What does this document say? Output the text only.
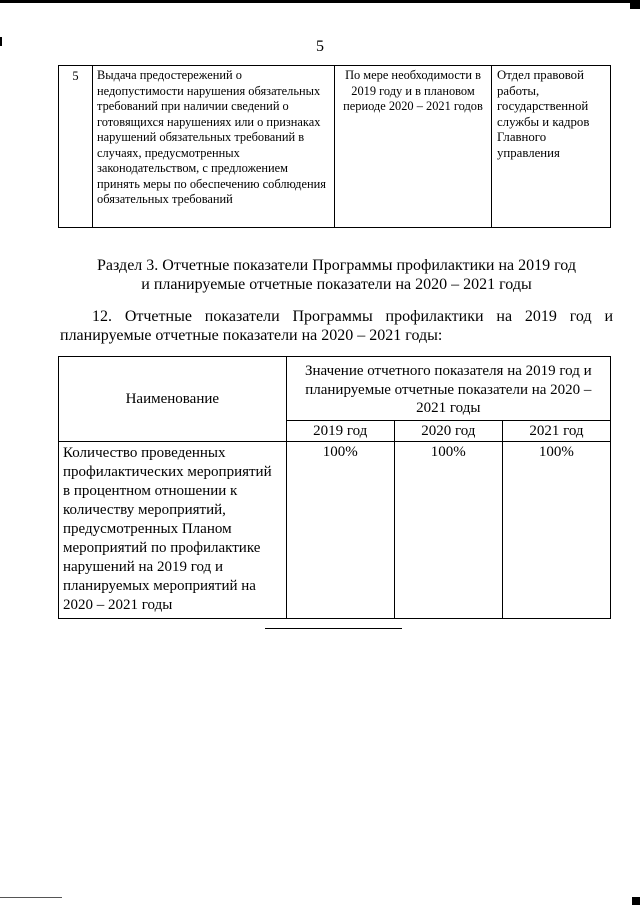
5
5	Выдача предостережений о недопустимости нарушения обязательных требований при наличии сведений о готовящихся нарушениях или о признаках нарушений обязательных требований в случаях, предусмотренных законодательством, с предложением принять меры по обеспечению соблюдения обязательных требований	По мере необходимости в 2019 году и в плановом периоде 2020 – 2021 годов	Отдел правовой работы, государственной службы и кадров Главного управления
Раздел 3. Отчетные показатели Программы профилактики на 2019 год
и планируемые отчетные показатели на 2020 – 2021 годы
12. Отчетные показатели Программы профилактики на 2019 год и
планируемые отчетные показатели на 2020 – 2021 годы:
Наименование	Значение отчетного показателя на 2019 год и планируемые отчетные показатели на 2020 – 2021 годы		
	2019 год	2020 год	2021 год
Количество проведенных профилактических мероприятий в процентном отношении к количеству мероприятий, предусмотренных Планом мероприятий по профилактике нарушений на 2019 год и планируемых мероприятий на 2020 – 2021 годы	100%	100%	100%
